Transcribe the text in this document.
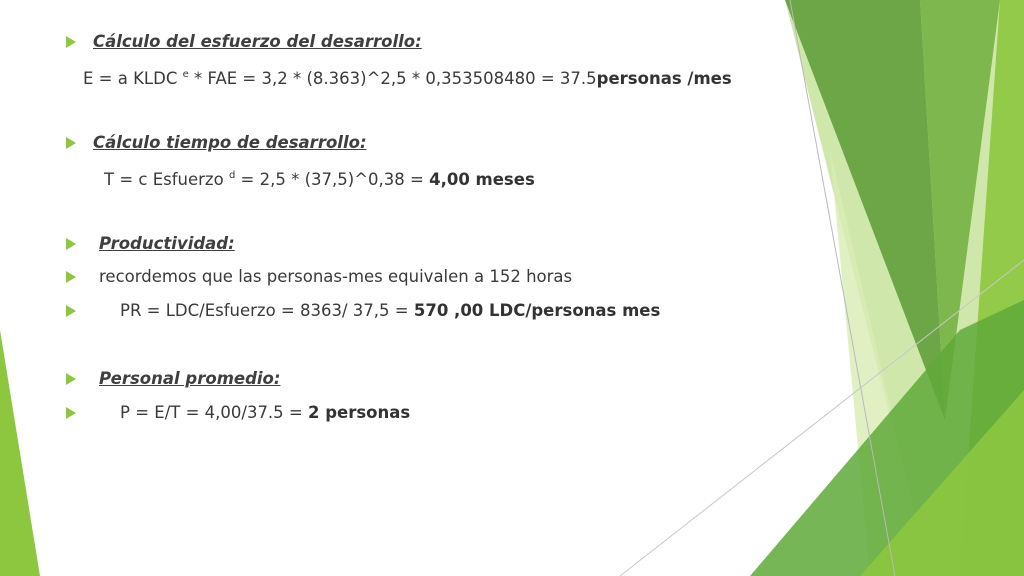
Cálculo del esfuerzo del desarrollo:
E = a KLDC $^e$ * FAE = 3,2 * (8.363)^2,5 * 0,353508480 = 37.5personas /mes
Cálculo tiempo de desarrollo:
T = c Esfuerzo $^d$ = 2,5 * (37,5)^0,38 = 4,00 meses
Productividad:
recordemos que las personas-mes equivalen a 152 horas
PR = LDC/Esfuerzo = 8363/ 37,5 = 570 ,00 LDC/personas mes
Personal promedio:
P = E/T = 4,00/37.5 = 2 personas
